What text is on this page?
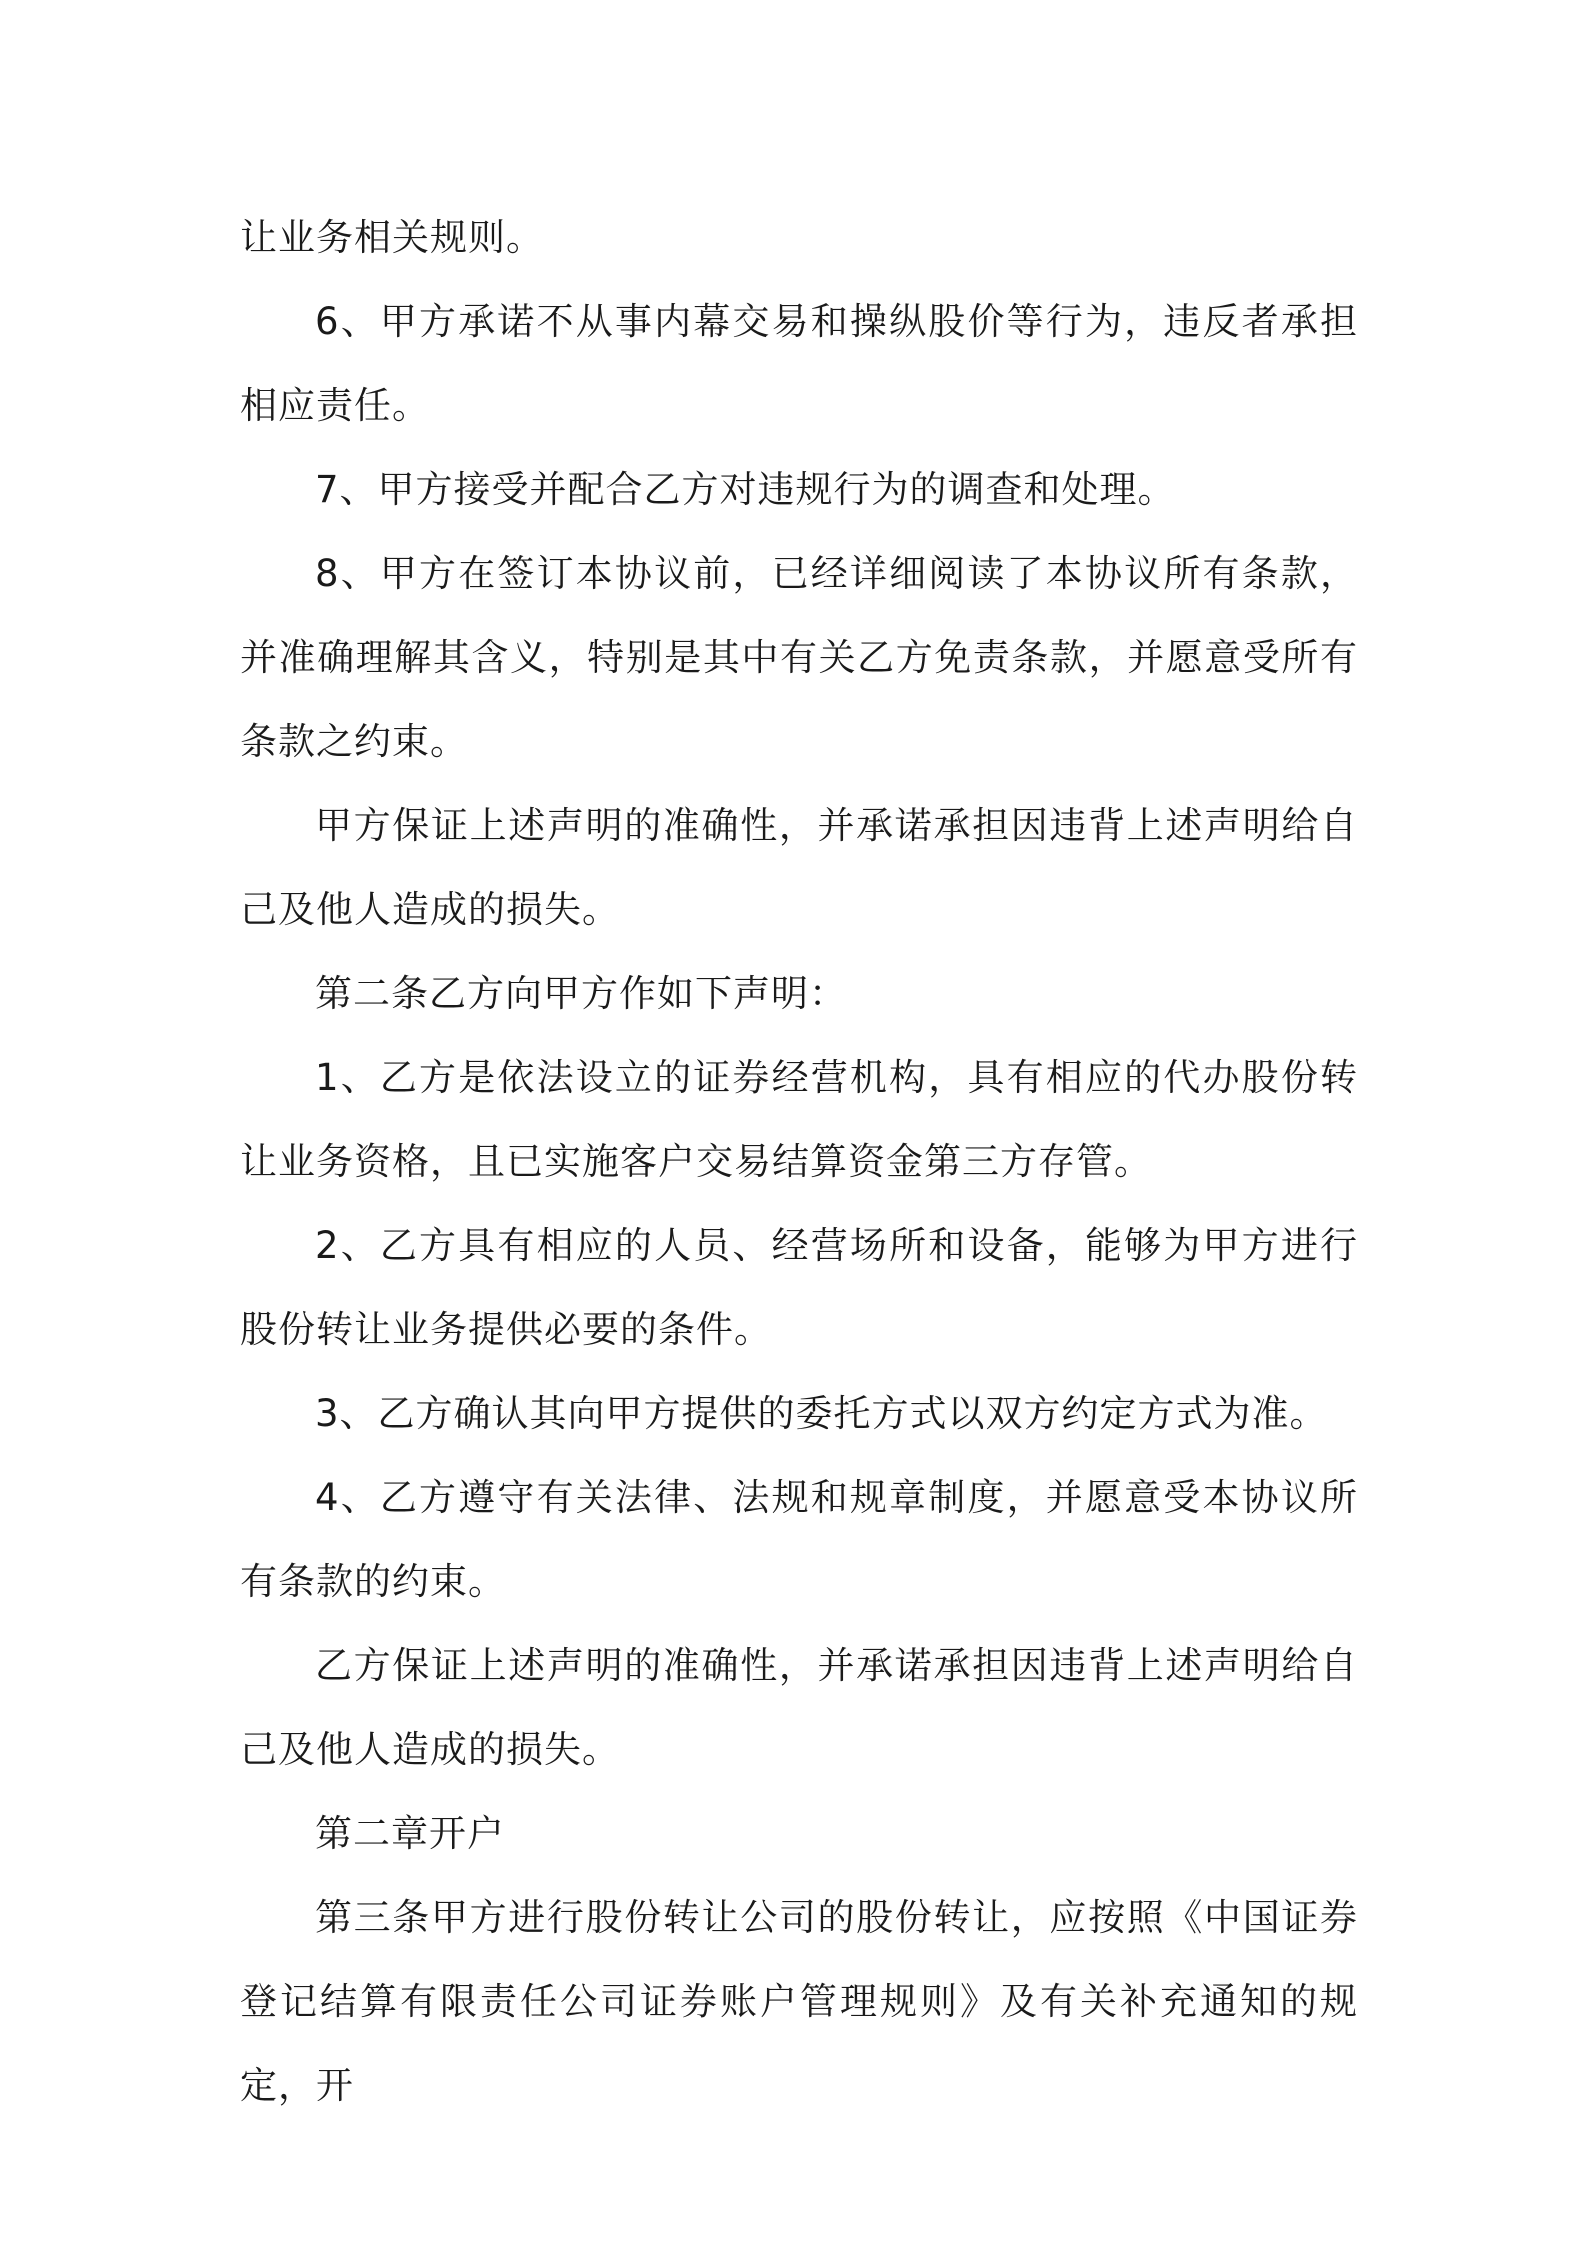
让业务相关规则。

6、甲方承诺不从事内幕交易和操纵股价等行为，违反者承担相应责任。

7、甲方接受并配合乙方对违规行为的调查和处理。

8、甲方在签订本协议前，已经详细阅读了本协议所有条款，并准确理解其含义，特别是其中有关乙方免责条款，并愿意受所有条款之约束。

甲方保证上述声明的准确性，并承诺承担因违背上述声明给自己及他人造成的损失。

第二条乙方向甲方作如下声明：

1、乙方是依法设立的证券经营机构，具有相应的代办股份转让业务资格，且已实施客户交易结算资金第三方存管。

2、乙方具有相应的人员、经营场所和设备，能够为甲方进行股份转让业务提供必要的条件。

3、乙方确认其向甲方提供的委托方式以双方约定方式为准。

4、乙方遵守有关法律、法规和规章制度，并愿意受本协议所有条款的约束。

乙方保证上述声明的准确性，并承诺承担因违背上述声明给自己及他人造成的损失。

第二章开户

第三条甲方进行股份转让公司的股份转让，应按照《中国证券登记结算有限责任公司证券账户管理规则》及有关补充通知的规定，开
